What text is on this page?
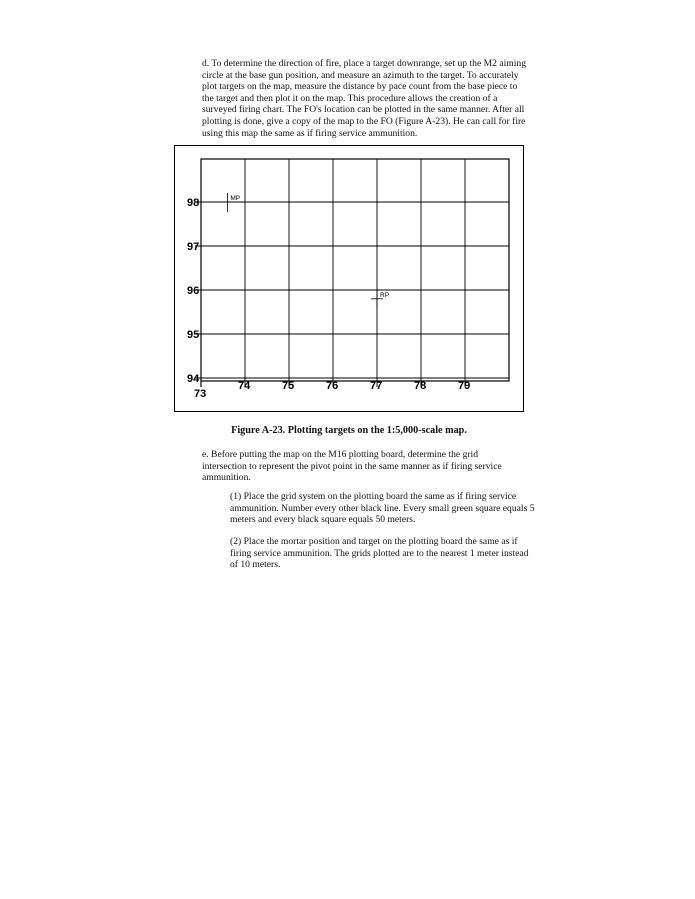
d. To determine the direction of fire, place a target downrange, set up the M2 aiming circle at the base gun position, and measure an azimuth to the target. To accurately plot targets on the map, measure the distance by pace count from the base piece to the target and then plot it on the map. This procedure allows the creation of a surveyed firing chart. The FO's location can be plotted in the same manner. After all plotting is done, give a copy of the map to the FO (Figure A-23). He can call for fire using this map the same as if firing service ammunition.

98
97
96
95
94
73
74	75	76	77	78	79
MP
RP

Figure A-23. Plotting targets on the 1:5,000-scale map.

e. Before putting the map on the M16 plotting board, determine the grid intersection to represent the pivot point in the same manner as if firing service ammunition.

(1) Place the grid system on the plotting board the same as if firing service ammunition. Number every other black line. Every small green square equals 5 meters and every black square equals 50 meters.

(2) Place the mortar position and target on the plotting board the same as if firing service ammunition. The grids plotted are to the nearest 1 meter instead of 10 meters.
